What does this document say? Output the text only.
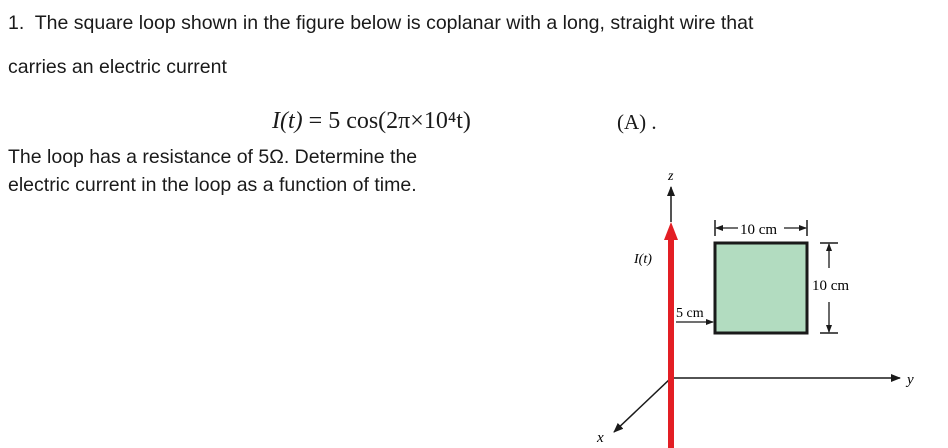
1. The square loop shown in the figure below is coplanar with a long, straight wire that
carries an electric current
I(t) = 5 cos(2π×10⁴t)	(A) .
The loop has a resistance of 5Ω. Determine the
electric current in the loop as a function of time.	z
y
x
I(t)
10 cm
10 cm
5 cm
